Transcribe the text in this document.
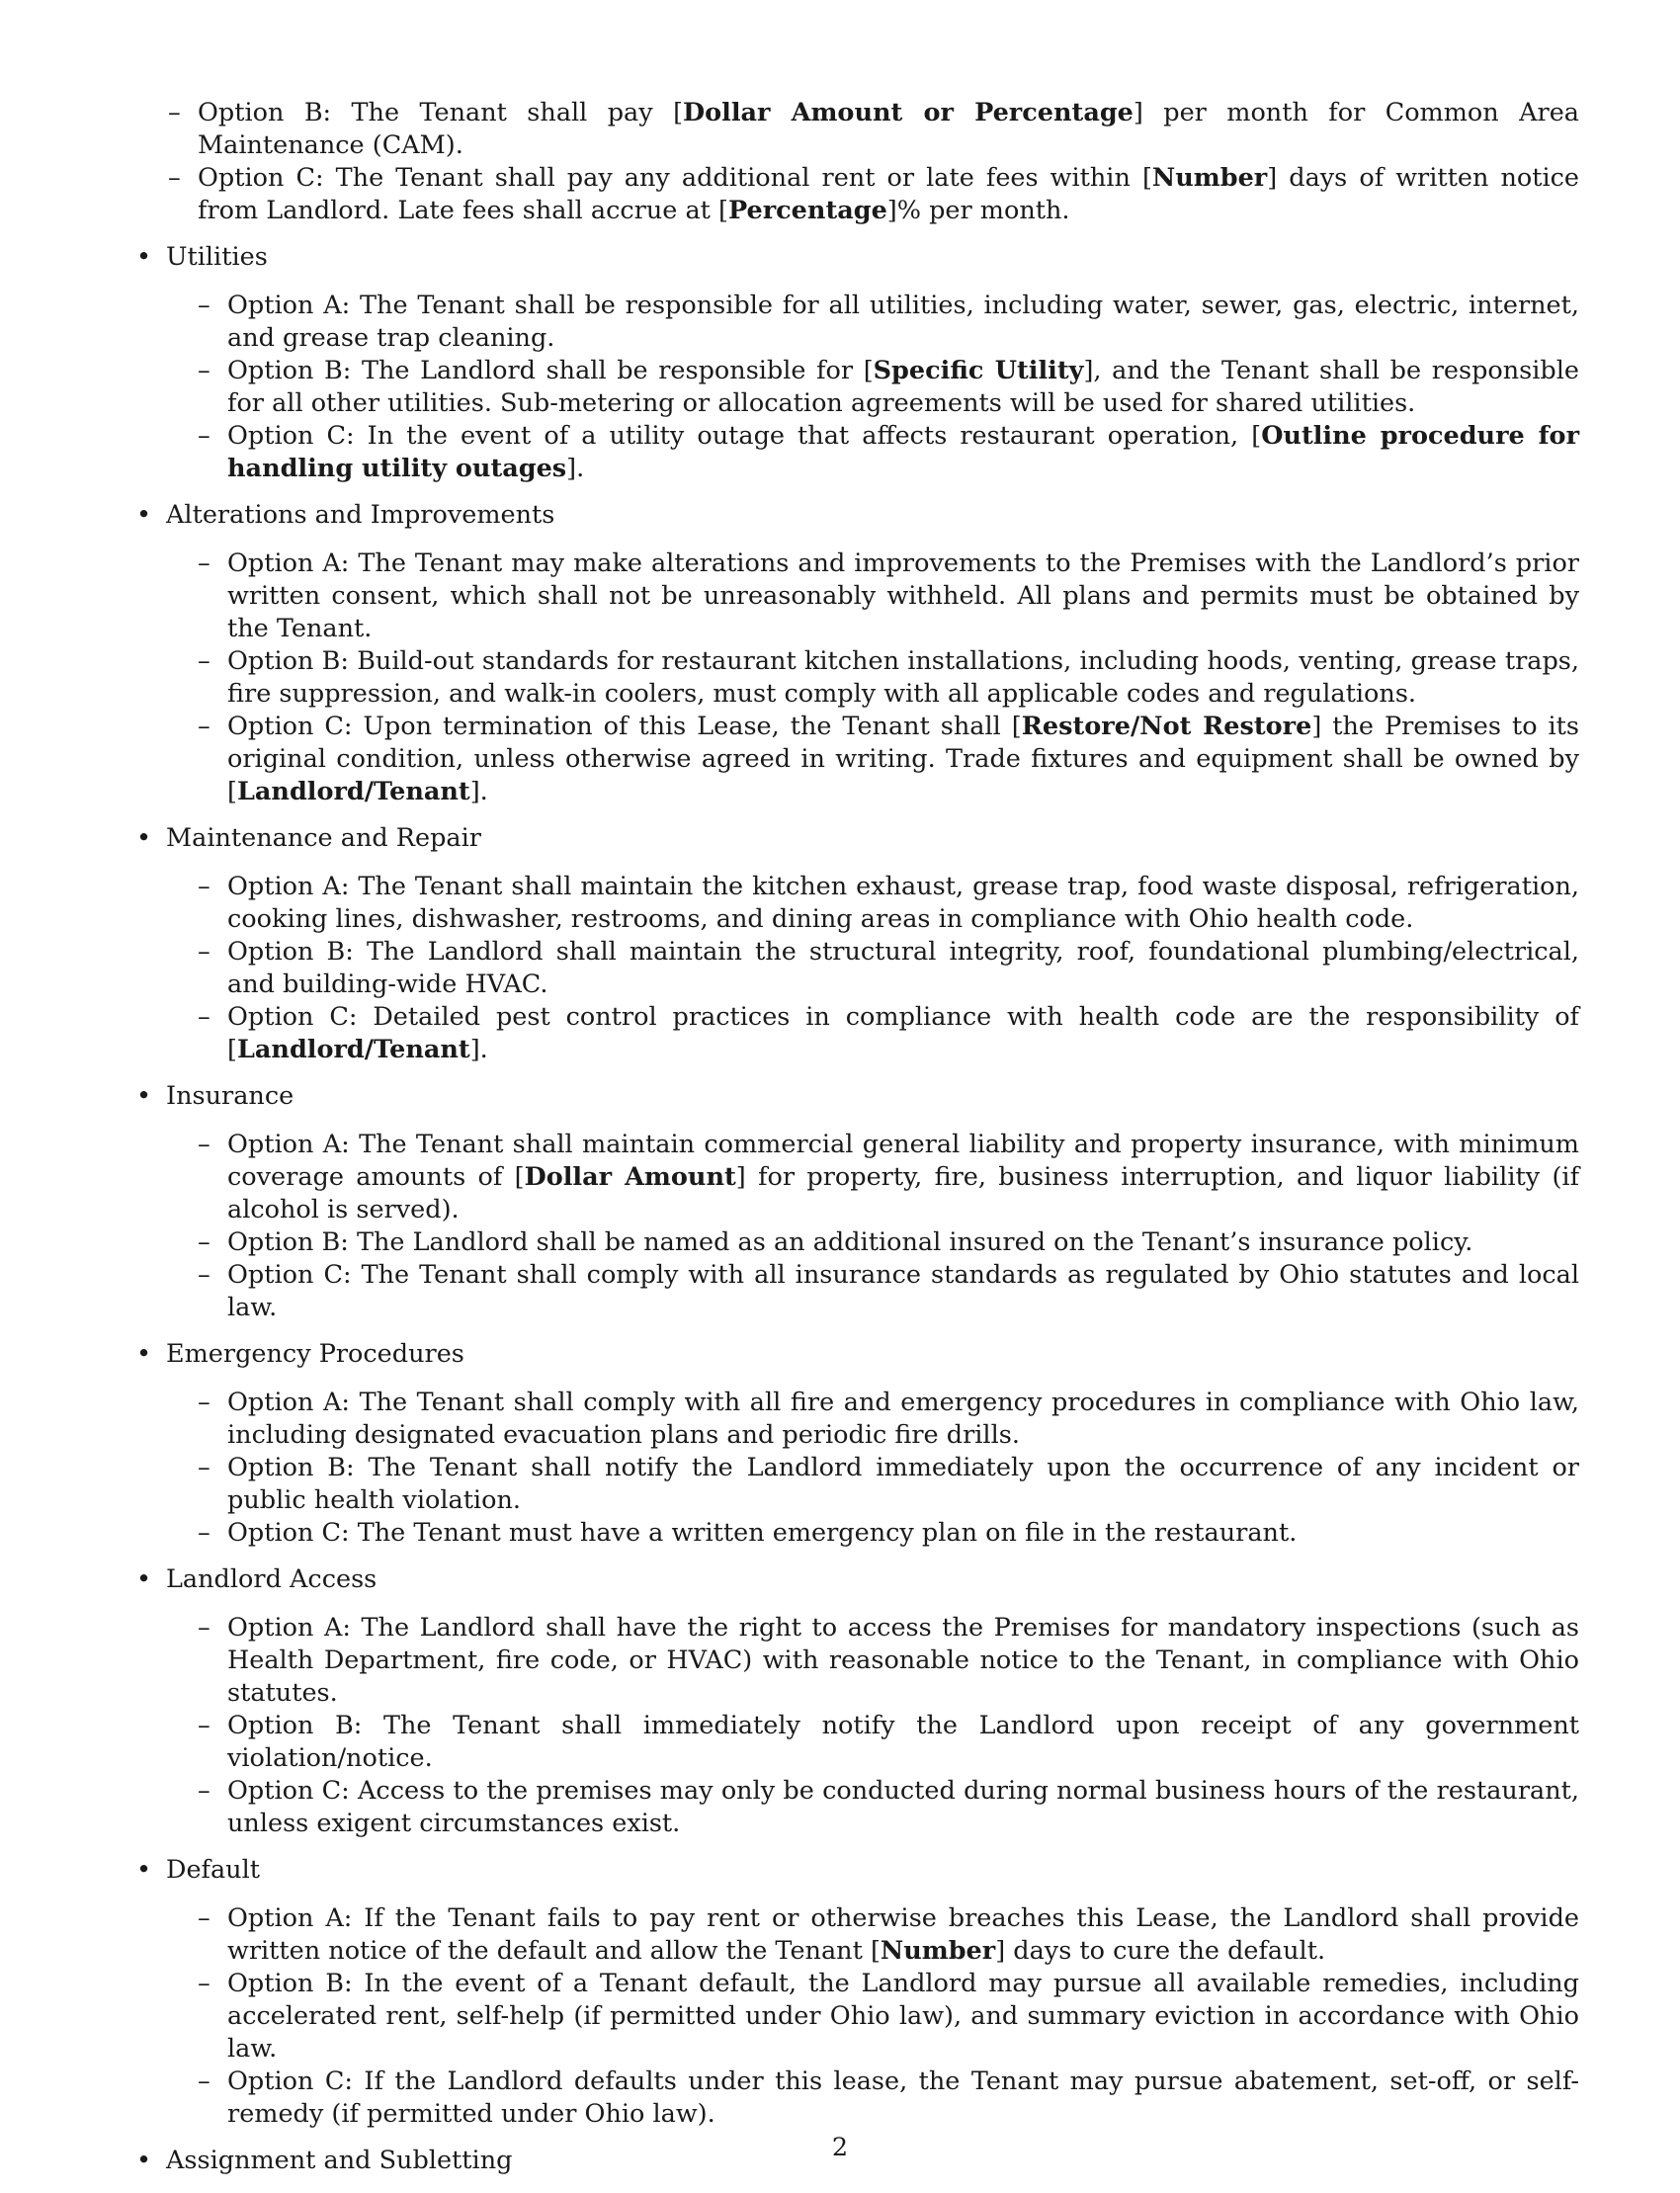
– Option B: The Tenant shall pay [Dollar Amount or Percentage] per month for Common Area Maintenance (CAM).
– Option C: The Tenant shall pay any additional rent or late fees within [Number] days of written notice from Landlord. Late fees shall accrue at [Percentage]% per month.
• Utilities
– Option A: The Tenant shall be responsible for all utilities, including water, sewer, gas, electric, internet, and grease trap cleaning.
– Option B: The Landlord shall be responsible for [Specific Utility], and the Tenant shall be responsible for all other utilities. Sub-metering or allocation agreements will be used for shared utilities.
– Option C: In the event of a utility outage that affects restaurant operation, [Outline procedure for handling utility outages].
• Alterations and Improvements
– Option A: The Tenant may make alterations and improvements to the Premises with the Landlord’s prior written consent, which shall not be unreasonably withheld. All plans and permits must be obtained by the Tenant.
– Option B: Build-out standards for restaurant kitchen installations, including hoods, venting, grease traps, fire suppression, and walk-in coolers, must comply with all applicable codes and regulations.
– Option C: Upon termination of this Lease, the Tenant shall [Restore/Not Restore] the Premises to its original condition, unless otherwise agreed in writing. Trade fixtures and equipment shall be owned by [Landlord/Tenant].
• Maintenance and Repair
– Option A: The Tenant shall maintain the kitchen exhaust, grease trap, food waste disposal, refrigeration, cooking lines, dishwasher, restrooms, and dining areas in compliance with Ohio health code.
– Option B: The Landlord shall maintain the structural integrity, roof, foundational plumbing/electrical, and building-wide HVAC.
– Option C: Detailed pest control practices in compliance with health code are the responsibility of [Landlord/Tenant].
• Insurance
– Option A: The Tenant shall maintain commercial general liability and property insurance, with minimum coverage amounts of [Dollar Amount] for property, fire, business interruption, and liquor liability (if alcohol is served).
– Option B: The Landlord shall be named as an additional insured on the Tenant’s insurance policy.
– Option C: The Tenant shall comply with all insurance standards as regulated by Ohio statutes and local law.
• Emergency Procedures
– Option A: The Tenant shall comply with all fire and emergency procedures in compliance with Ohio law, including designated evacuation plans and periodic fire drills.
– Option B: The Tenant shall notify the Landlord immediately upon the occurrence of any incident or public health violation.
– Option C: The Tenant must have a written emergency plan on file in the restaurant.
• Landlord Access
– Option A: The Landlord shall have the right to access the Premises for mandatory inspections (such as Health Department, fire code, or HVAC) with reasonable notice to the Tenant, in compliance with Ohio statutes.
– Option B: The Tenant shall immediately notify the Landlord upon receipt of any government violation/notice.
– Option C: Access to the premises may only be conducted during normal business hours of the restaurant, unless exigent circumstances exist.
• Default
– Option A: If the Tenant fails to pay rent or otherwise breaches this Lease, the Landlord shall provide written notice of the default and allow the Tenant [Number] days to cure the default.
– Option B: In the event of a Tenant default, the Landlord may pursue all available remedies, including accelerated rent, self-help (if permitted under Ohio law), and summary eviction in accordance with Ohio law.
– Option C: If the Landlord defaults under this lease, the Tenant may pursue abatement, set-off, or self-remedy (if permitted under Ohio law).
• Assignment and Subletting	2
